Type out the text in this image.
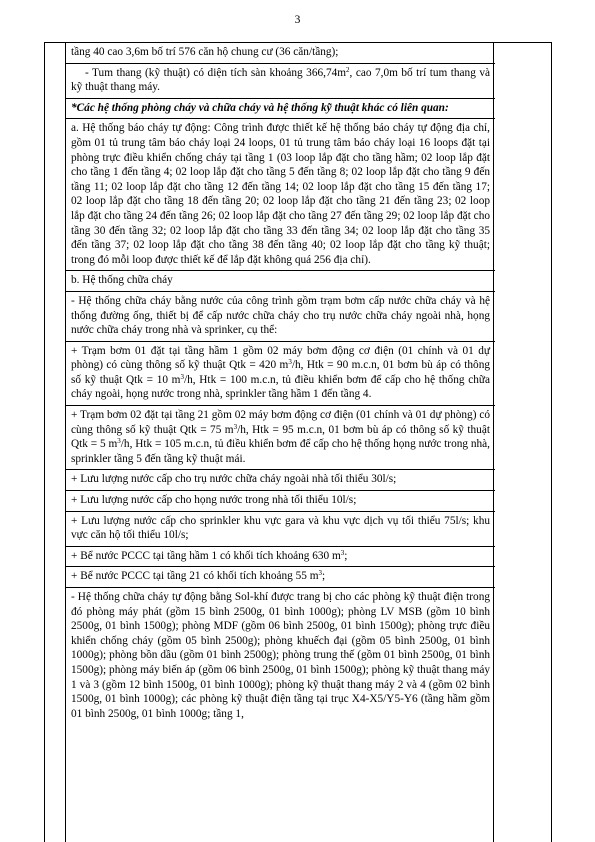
3

tầng 40 cao 3,6m bố trí 576 căn hộ chung cư (36 căn/tầng);

- Tum thang (kỹ thuật) có diện tích sàn khoảng $366,74m^2$, cao 7,0m bố trí tum thang và kỹ thuật thang máy.

*Các hệ thống phòng cháy và chữa cháy và hệ thống kỹ thuật khác có liên quan:

a. Hệ thống báo cháy tự động: Công trình được thiết kế hệ thống báo cháy tự động địa chỉ, gồm 01 tủ trung tâm báo cháy loại 24 loops, 01 tủ trung tâm báo cháy loại 16 loops đặt tại phòng trực điều khiển chống cháy tại tầng 1 (03 loop lắp đặt cho tầng hầm; 02 loop lắp đặt cho tầng 1 đến tầng 4; 02 loop lắp đặt cho tầng 5 đến tầng 8; 02 loop lắp đặt cho tầng 9 đến tầng 11; 02 loop lắp đặt cho tầng 12 đến tầng 14; 02 loop lắp đặt cho tầng 15 đến tầng 17; 02 loop lắp đặt cho tầng 18 đến tầng 20; 02 loop lắp đặt cho tầng 21 đến tầng 23; 02 loop lắp đặt cho tầng 24 đến tầng 26; 02 loop lắp đặt cho tầng 27 đến tầng 29; 02 loop lắp đặt cho tầng 30 đến tầng 32; 02 loop lắp đặt cho tầng 33 đến tầng 34; 02 loop lắp đặt cho tầng 35 đến tầng 37; 02 loop lắp đặt cho tầng 38 đến tầng 40; 02 loop lắp đặt cho tầng kỹ thuật; trong đó mỗi loop được thiết kế để lắp đặt không quá 256 địa chỉ).

b. Hệ thống chữa cháy

- Hệ thống chữa cháy bằng nước của công trình gồm trạm bơm cấp nước chữa cháy và hệ thống đường ống, thiết bị để cấp nước chữa cháy cho trụ nước chữa cháy ngoài nhà, họng nước chữa cháy trong nhà và sprinker, cụ thể:

+ Trạm bơm 01 đặt tại tầng hầm 1 gồm 02 máy bơm động cơ điện (01 chính và 01 dự phòng) có cùng thông số kỹ thuật Qtk = 420 $m^3/h$, Htk = 90 m.c.n, 01 bơm bù áp có thông số kỹ thuật Qtk = 10 $m^3/h$, Htk = 100 m.c.n, tủ điều khiển bơm để cấp cho hệ thống chữa cháy ngoài, họng nước trong nhà, sprinkler tầng hầm 1 đến tầng 4.

+ Trạm bơm 02 đặt tại tầng 21 gồm 02 máy bơm động cơ điện (01 chính và 01 dự phòng) có cùng thông số kỹ thuật Qtk = 75 $m^3/h$, Htk = 95 m.c.n, 01 bơm bù áp có thông số kỹ thuật Qtk = 5 $m^3/h$, Htk = 105 m.c.n, tủ điều khiển bơm để cấp cho hệ thống họng nước trong nhà, sprinkler tầng 5 đến tầng kỹ thuật mái.

+ Lưu lượng nước cấp cho trụ nước chữa cháy ngoài nhà tối thiểu 30l/s;

+ Lưu lượng nước cấp cho họng nước trong nhà tối thiểu 10l/s;

+ Lưu lượng nước cấp cho sprinkler khu vực gara và khu vực dịch vụ tối thiểu 75l/s; khu vực căn hộ tối thiểu 10l/s;

+ Bể nước PCCC tại tầng hầm 1 có khối tích khoảng 630 $m^3$;

+ Bể nước PCCC tại tầng 21 có khối tích khoảng 55 $m^3$;

- Hệ thống chữa cháy tự động bằng Sol-khí được trang bị cho các phòng kỹ thuật điện trong đó phòng máy phát (gồm 15 bình 2500g, 01 bình 1000g); phòng LV MSB (gồm 10 bình 2500g, 01 bình 1500g); phòng MDF (gồm 06 bình 2500g, 01 bình 1500g); phòng trực điều khiển chống cháy (gồm 05 bình 2500g); phòng khuếch đại (gồm 05 bình 2500g, 01 bình 1000g); phòng bồn dầu (gồm 01 bình 2500g); phòng trung thế (gồm 01 bình 2500g, 01 bình 1500g); phòng máy biến áp (gồm 06 bình 2500g, 01 bình 1500g); phòng kỹ thuật thang máy 1 và 3 (gồm 12 bình 1500g, 01 bình 1000g); phòng kỹ thuật thang máy 2 và 4 (gồm 02 bình 1500g, 01 bình 1000g); các phòng kỹ thuật điện tầng tại trục X4-X5/Y5-Y6 (tầng hầm gồm 01 bình 2500g, 01 bình 1000g; tầng 1,
